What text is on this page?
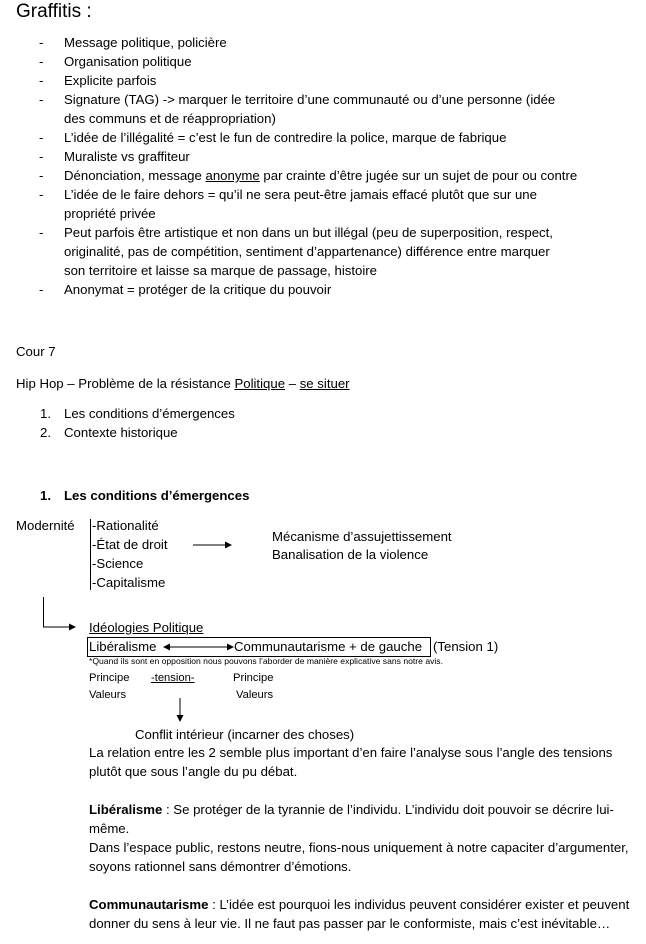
Graffitis :
- Message politique, policière
- Organisation politique
- Explicite parfois
- Signature (TAG) -> marquer le territoire d’une communauté ou d’une personne (idée
des communs et de réappropriation)
- L’idée de l’illégalité = c’est le fun de contredire la police, marque de fabrique
- Muraliste vs graffiteur
- Dénonciation, message anonyme par crainte d’être jugée sur un sujet de pour ou contre
- L’idée de le faire dehors = qu’il ne sera peut-être jamais effacé plutôt que sur une
propriété privée
- Peut parfois être artistique et non dans un but illégal (peu de superposition, respect,
originalité, pas de compétition, sentiment d’appartenance) différence entre marquer
son territoire et laisse sa marque de passage, histoire
- Anonymat = protéger de la critique du pouvoir
Cour 7
Hip Hop – Problème de la résistance Politique – se situer
1. Les conditions d’émergences
2. Contexte historique
1. Les conditions d’émergences
Modernité -Rationalité
-État de droit
-Science
-Capitalisme
Mécanisme d’assujettissement
Banalisation de la violence
Idéologies Politique
Libéralisme	Communautarisme + de gauche (Tension 1)
*Quand ils sont en opposition nous pouvons l’aborder de manière explicative sans notre avis.
Principe -tension-	Principe
Valeurs	Valeurs
Conflit intérieur (incarner des choses)
La relation entre les 2 semble plus important d’en faire l’analyse sous l’angle des tensions
plutôt que sous l’angle du pu débat.
Libéralisme : Se protéger de la tyrannie de l’individu. L’individu doit pouvoir se décrire lui-
même.
Dans l’espace public, restons neutre, fions-nous uniquement à notre capaciter d’argumenter,
soyons rationnel sans démontrer d’émotions.
Communautarisme : L’idée est pourquoi les individus peuvent considérer exister et peuvent
donner du sens à leur vie. Il ne faut pas passer par le conformiste, mais c’est inévitable…
